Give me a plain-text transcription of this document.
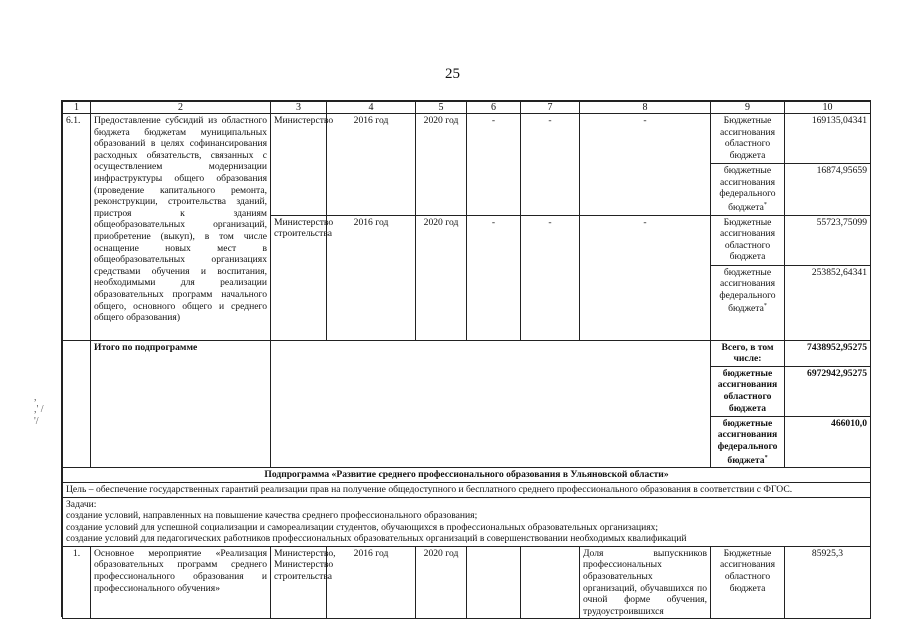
25
,
,' /
'/
1	2	3	4	5	6	7	8	9	10
6.1.	Предоставление субсидий из областного бюджета бюджетам муниципальных образований в целях софинансирования расходных обязательств, связанных с осуществлением модернизации инфраструктуры общего образования (проведение капитального ремонта, реконструкции, строительства зданий, пристроя к зданиям общеобразовательных организаций, приобретение (выкуп), в том числе оснащение новых мест в общеобразовательных организациях средствами обучения и воспитания, необходимыми для реализации образовательных программ начального общего, основного общего и среднего общего образования)	Министерство	2016 год	2020 год	-	-	-	Бюджетные ассигнования областного бюджета	169135,04341
								бюджетные ассигнования федерального бюджета*	16874,95659
		Министерство строительства	2016 год	2020 год	-	-	-	Бюджетные ассигнования областного бюджета	55723,75099
								бюджетные ассигнования федерального бюджета*	253852,64341
	Итого по подпрограмме							Всего, в том числе:	7438952,95275
								бюджетные ассигнования областного бюджета	6972942,95275
								бюджетные ассигнования федерального бюджета*	466010,0
Подпрограмма «Развитие среднего профессионального образования в Ульяновской области»									
Цель – обеспечение государственных гарантий реализации прав на получение общедоступного и бесплатного среднего профессионального образования в соответствии с ФГОС.									

Задачи:
создание условий, направленных на повышение качества среднего профессионального образования;
создание условий для успешной социализации и самореализации студентов, обучающихся в профессиональных образовательных организациях;
создание условий для педагогических работников профессиональных образовательных организаций в совершенствовании необходимых квалификаций									

1.	Основное мероприятие «Реализация образовательных программ среднего профессионального образования и профессионального обучения»	Министерство, Министерство строительства	2016 год	2020 год			Доля выпускников профессиональных образовательных организаций, обучавшихся по очной форме обучения, трудоустроившихся	Бюджетные ассигнования областного бюджета	85925,3
